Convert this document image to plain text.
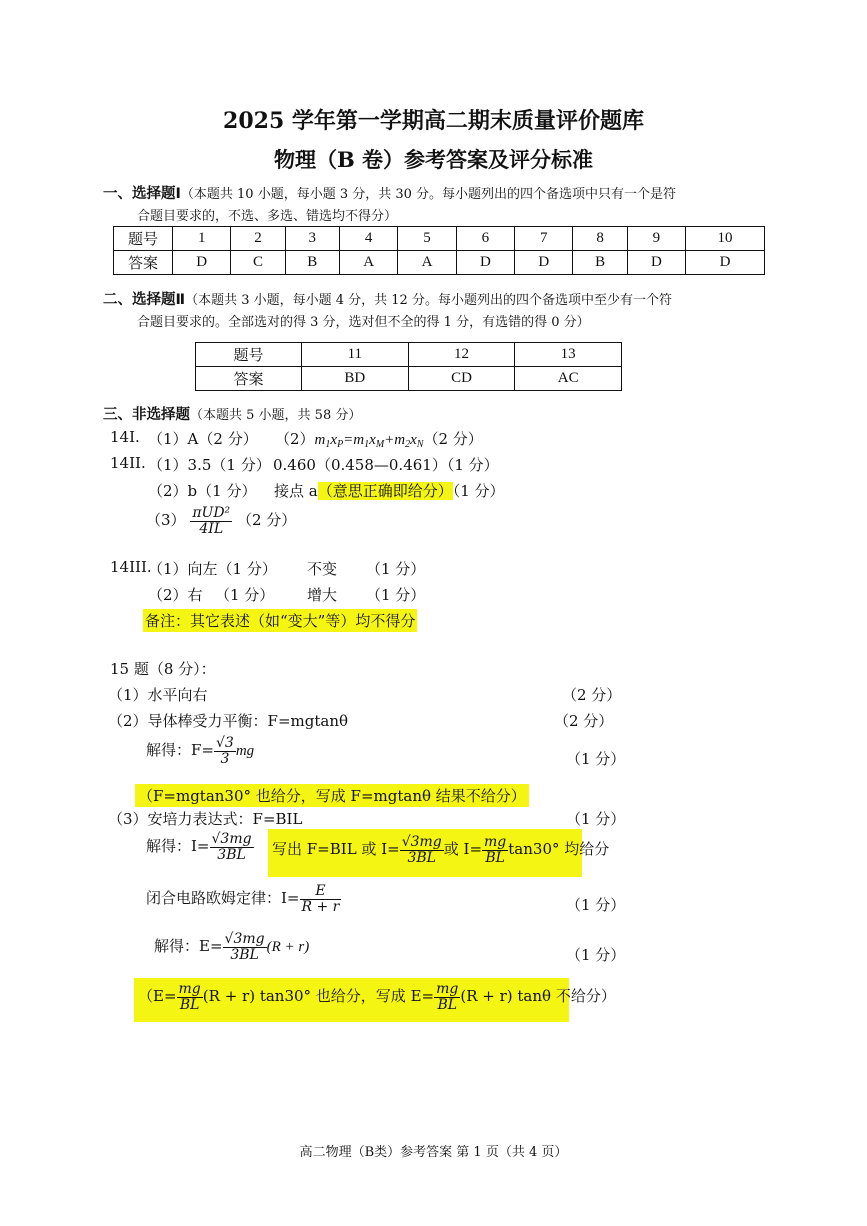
2025 学年第一学期高二期末质量评价题库
物理（B 卷）参考答案及评分标准
一、选择题Ⅰ（本题共 10 小题，每小题 3 分，共 30 分。每小题列出的四个备选项中只有一个是符
合题目要求的，不选、多选、错选均不得分）
题号	1	2	3	4	5	6	7	8	9	10
答案	D	C	B	A	A	D	D	B	D	D
二、选择题Ⅱ（本题共 3 小题，每小题 4 分，共 12 分。每小题列出的四个备选项中至少有一个符
合题目要求的。全部选对的得 3 分，选对但不全的得 1 分，有选错的得 0 分）
题号	11	12	13
答案	BD	CD	AC
三、非选择题（本题共 5 小题，共 58 分）
14I. （1）A（2 分） $(2)m_1x_P=m_1x_M+m_2x_N(2$ 分）
14II. （1）3.5（1 分） 0.460（0.458—0.461）（1 分）
（2）b（1 分） 接点 a（意思正确即给分）（1 分）
$(3) \frac{\text{πUD²}}{4IL} (2$ 分）
14III.
（1）向左（1 分） 不变 （1 分）
（2）右 （1 分） 增大 （1 分）
备注：其它表述（如“变大”等）均不得分
15 题（8 分）：
（1）水平向右	（2 分）
（2）导体棒受力平衡：F=mgtanθ	（2 分）
解得：$F= \frac{√3}{3}$ mg	（1 分）
（F=mgtan30° 也给分，写成 F=mgtanθ 结果不给分）
（3）安培力表达式：F=BIL	（1 分）
解得：$I= \frac{√3mg}{3BL}$ 写出 F=BIL 或 $I= \frac{√3mg}{3BL}$ 或 $I= \frac{mg}{BL} \tan 30^\circ$ 均给分
闭合电路欧姆定律：$I= \frac{E}{R + r}$	（1 分）
解得：$E= \frac{√3mg}{3BL} (R + r)$	（1 分）
（$E= \frac{mg}{BL} (R + r)$ tan30° 也给分，写成 $E= \frac{mg}{BL} (R + r)$ tanθ 不给分）
高二物理（B类）参考答案 第 1 页（共 4 页）
